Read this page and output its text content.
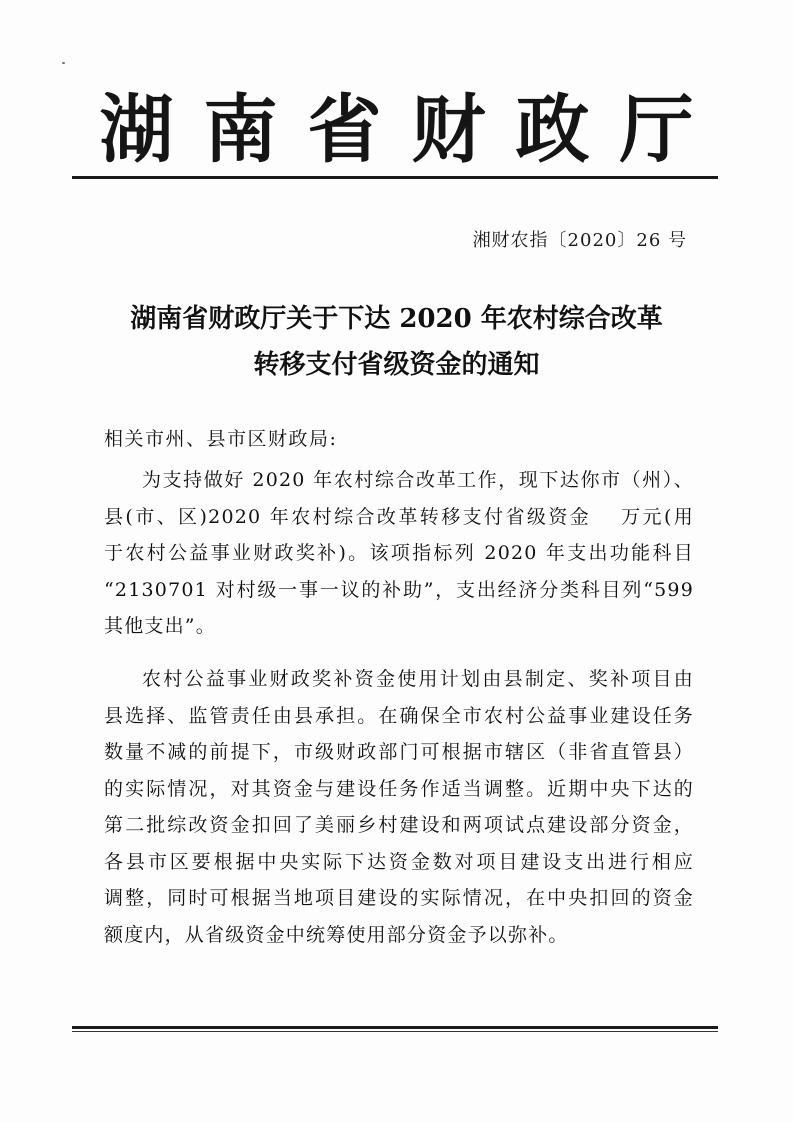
湖南省财政厅
湘财农指〔2020〕26 号
湖南省财政厅关于下达 2020 年农村综合改革
转移支付省级资金的通知
相关市州、县市区财政局:
为支持做好 2020 年农村综合改革工作，现下达你市（州）、
县(市、区)2020 年农村综合改革转移支付省级资金　 万元(用
于农村公益事业财政奖补)。该项指标列 2020 年支出功能科目
“2130701 对村级一事一议的补助”，支出经济分类科目列“599
其他支出”。
农村公益事业财政奖补资金使用计划由县制定、奖补项目由
县选择、监管责任由县承担。在确保全市农村公益事业建设任务
数量不减的前提下，市级财政部门可根据市辖区（非省直管县）
的实际情况，对其资金与建设任务作适当调整。近期中央下达的
第二批综改资金扣回了美丽乡村建设和两项试点建设部分资金，
各县市区要根据中央实际下达资金数对项目建设支出进行相应
调整，同时可根据当地项目建设的实际情况，在中央扣回的资金
额度内，从省级资金中统筹使用部分资金予以弥补。
